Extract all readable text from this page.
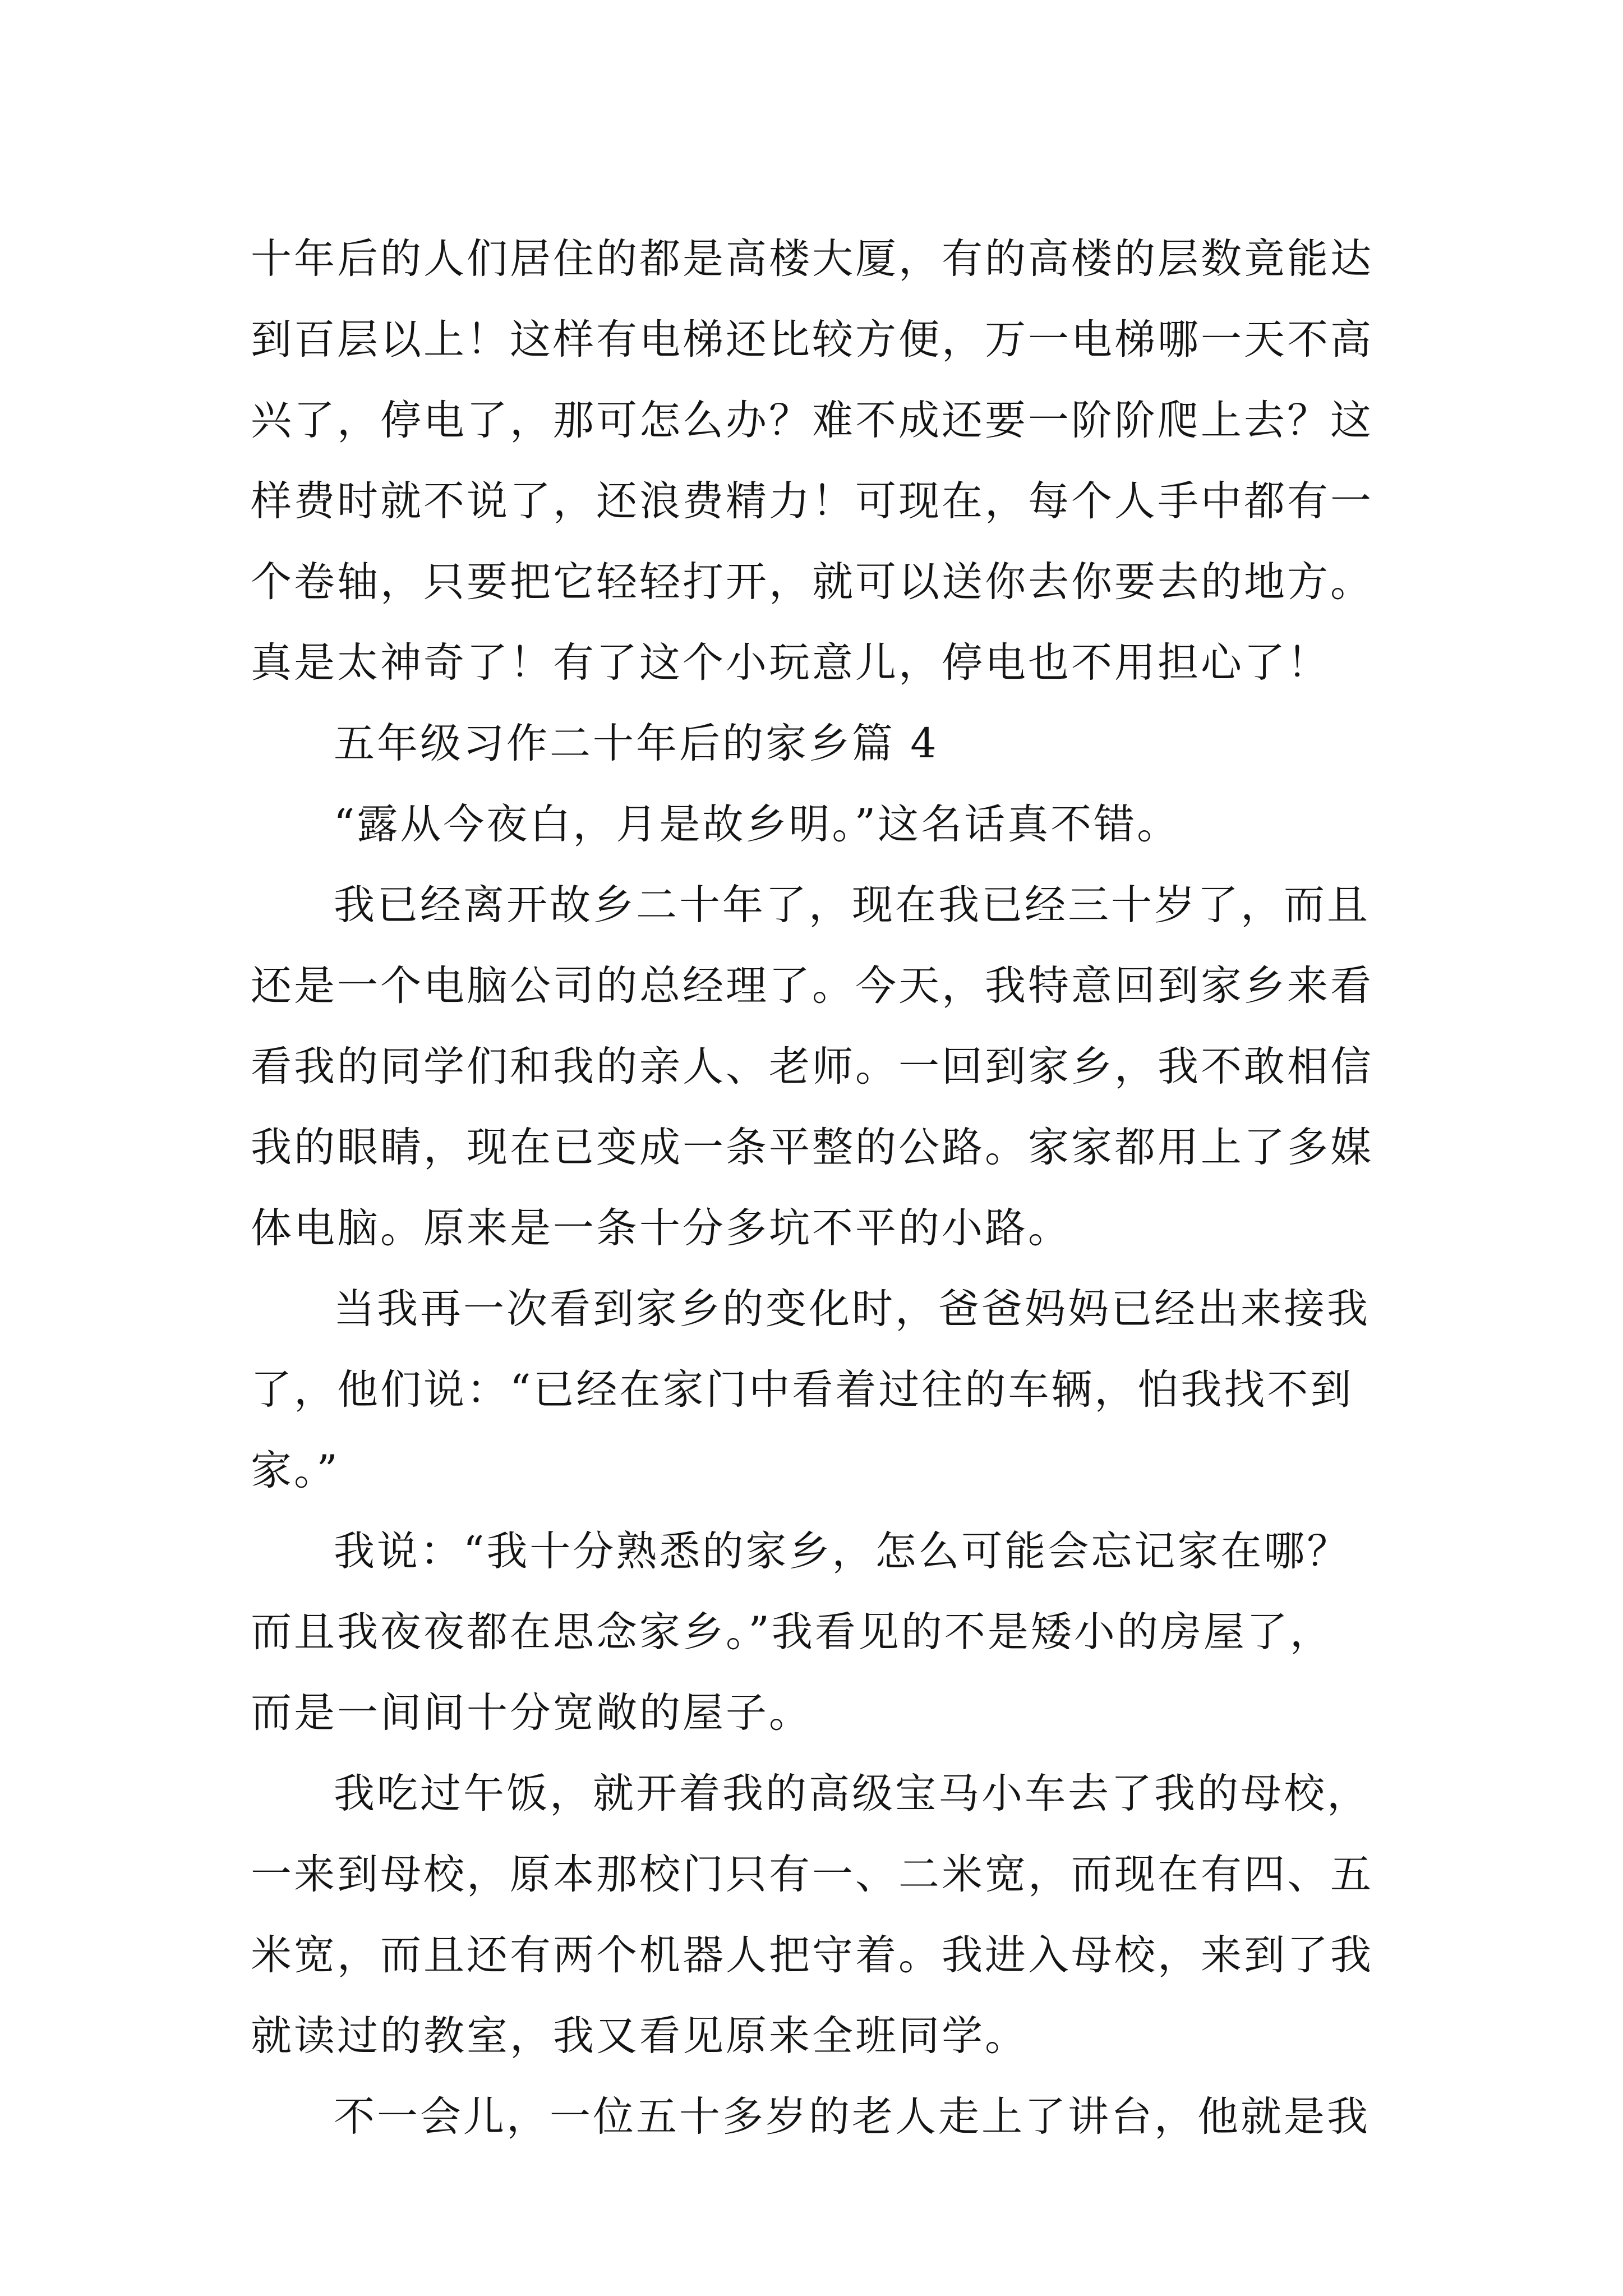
十年后的人们居住的都是高楼大厦，有的高楼的层数竟能达
到百层以上！这样有电梯还比较方便，万一电梯哪一天不高
兴了，停电了，那可怎么办？难不成还要一阶阶爬上去？这
样费时就不说了，还浪费精力！可现在，每个人手中都有一
个卷轴，只要把它轻轻打开，就可以送你去你要去的地方。
真是太神奇了！有了这个小玩意儿，停电也不用担心了！
五年级习作二十年后的家乡篇 4
“露从今夜白，月是故乡明。”这名话真不错。
我已经离开故乡二十年了，现在我已经三十岁了，而且
还是一个电脑公司的总经理了。今天，我特意回到家乡来看
看我的同学们和我的亲人、老师。一回到家乡，我不敢相信
我的眼睛，现在已变成一条平整的公路。家家都用上了多媒
体电脑。原来是一条十分多坑不平的小路。
当我再一次看到家乡的变化时，爸爸妈妈已经出来接我
了，他们说：“已经在家门中看着过往的车辆，怕我找不到
家。”
我说：“我十分熟悉的家乡，怎么可能会忘记家在哪？
而且我夜夜都在思念家乡。”我看见的不是矮小的房屋了，
而是一间间十分宽敞的屋子。
我吃过午饭，就开着我的高级宝马小车去了我的母校，
一来到母校，原本那校门只有一、二米宽，而现在有四、五
米宽，而且还有两个机器人把守着。我进入母校，来到了我
就读过的教室，我又看见原来全班同学。
不一会儿，一位五十多岁的老人走上了讲台，他就是我
